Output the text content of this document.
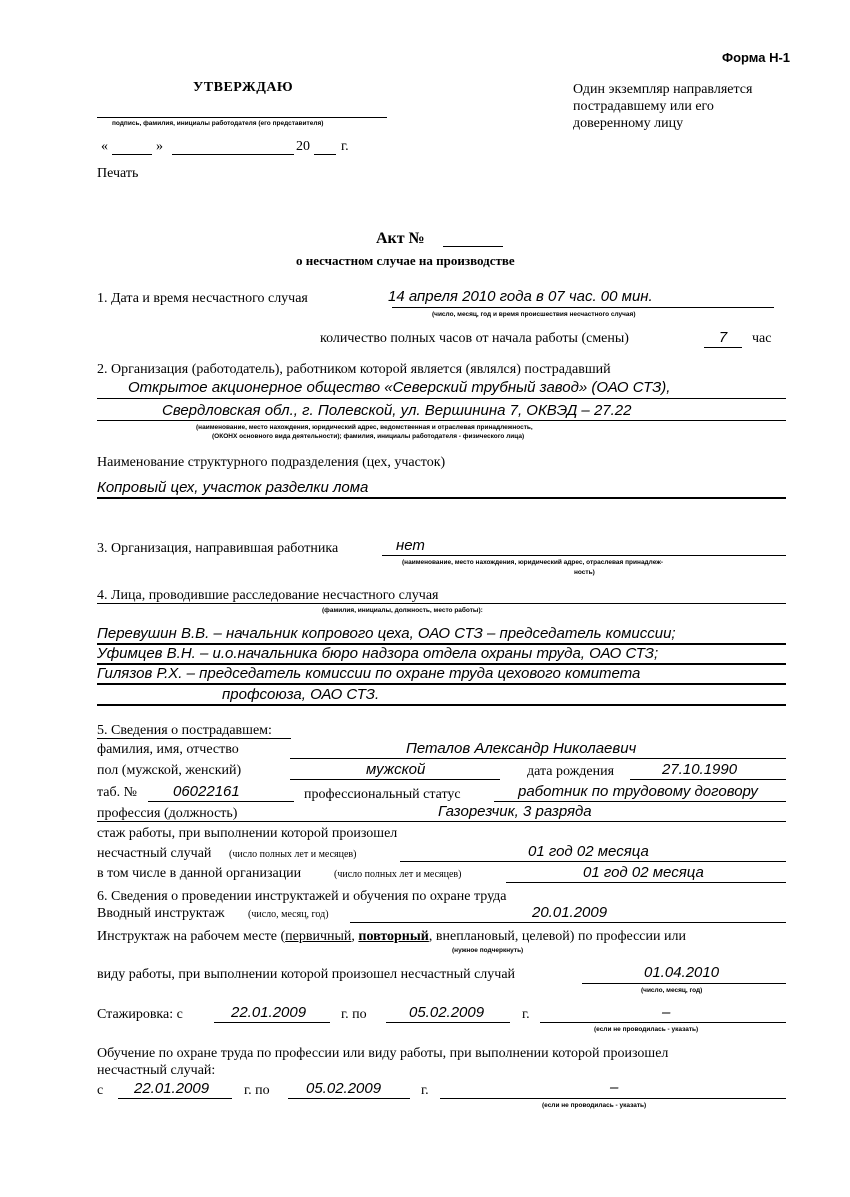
Форма Н-1
УТВЕРЖДАЮ
подпись, фамилия, инициалы работодателя (его представителя)
«	»	20 г.
Печать
Один экземпляр направляется
пострадавшему или его
доверенному лицу
Акт №
о несчастном случае на производстве
1. Дата и время несчастного случая	14 апреля 2010 года в 07 час. 00 мин.
(число, месяц, год и время происшествия несчастного случая)
количество полных часов от начала работы (смены)	7	час
2. Организация (работодатель), работником которой является (являлся) пострадавший
Открытое акционерное общество «Северский трубный завод» (ОАО СТЗ),
Свердловская обл., г. Полевской, ул. Вершинина 7, ОКВЭД – 27.22
(наименование, место нахождения, юридический адрес, ведомственная и отраслевая принадлежность,
(ОКОНХ основного вида деятельности); фамилия, инициалы работодателя - физического лица)
Наименование структурного подразделения (цех, участок)
Копровый цех, участок разделки лома
3. Организация, направившая работника	нет
(наименование, место нахождения, юридический адрес, отраслевая принадлеж-
ность)
4. Лица, проводившие расследование несчастного случая
(фамилия, инициалы, должность, место работы):
Перевушин В.В. – начальник копрового цеха, ОАО СТЗ – председатель комиссии;
Уфимцев В.Н. – и.о.начальника бюро надзора отдела охраны труда, ОАО СТЗ;
Гилязов Р.Х. – председатель комиссии по охране труда цехового комитета
профсоюза, ОАО СТЗ.
5. Сведения о пострадавшем:
фамилия, имя, отчество	Петалов Александр Николаевич
пол (мужской, женский)	мужской	дата рождения	27.10.1990
таб. № 06022161	профессиональный статус	работник по трудовому договору
профессия (должность)	Газорезчик, 3 разряда
стаж работы, при выполнении которой произошел
несчастный случай (число полных лет и месяцев)	01 год 02 месяца
в том числе в данной организации	(число полных лет и месяцев)	01 год 02 месяца
6. Сведения о проведении инструктажей и обучения по охране труда
Вводный инструктаж (число, месяц, год)	20.01.2009
Инструктаж на рабочем месте (первичный, повторный, внеплановый, целевой) по профессии или
(нужное подчеркнуть)
виду работы, при выполнении которой произошел несчастный случай	01.04.2010
(число, месяц, год)
Стажировка: с	22.01.2009 г. по	05.02.2009	г.	–
(если не проводилась - указать)
Обучение по охране труда по профессии или виду работы, при выполнении которой произошел
несчастный случай:
с 22.01.2009 г. по 05.02.2009	г.	–
(если не проводилась - указать)
